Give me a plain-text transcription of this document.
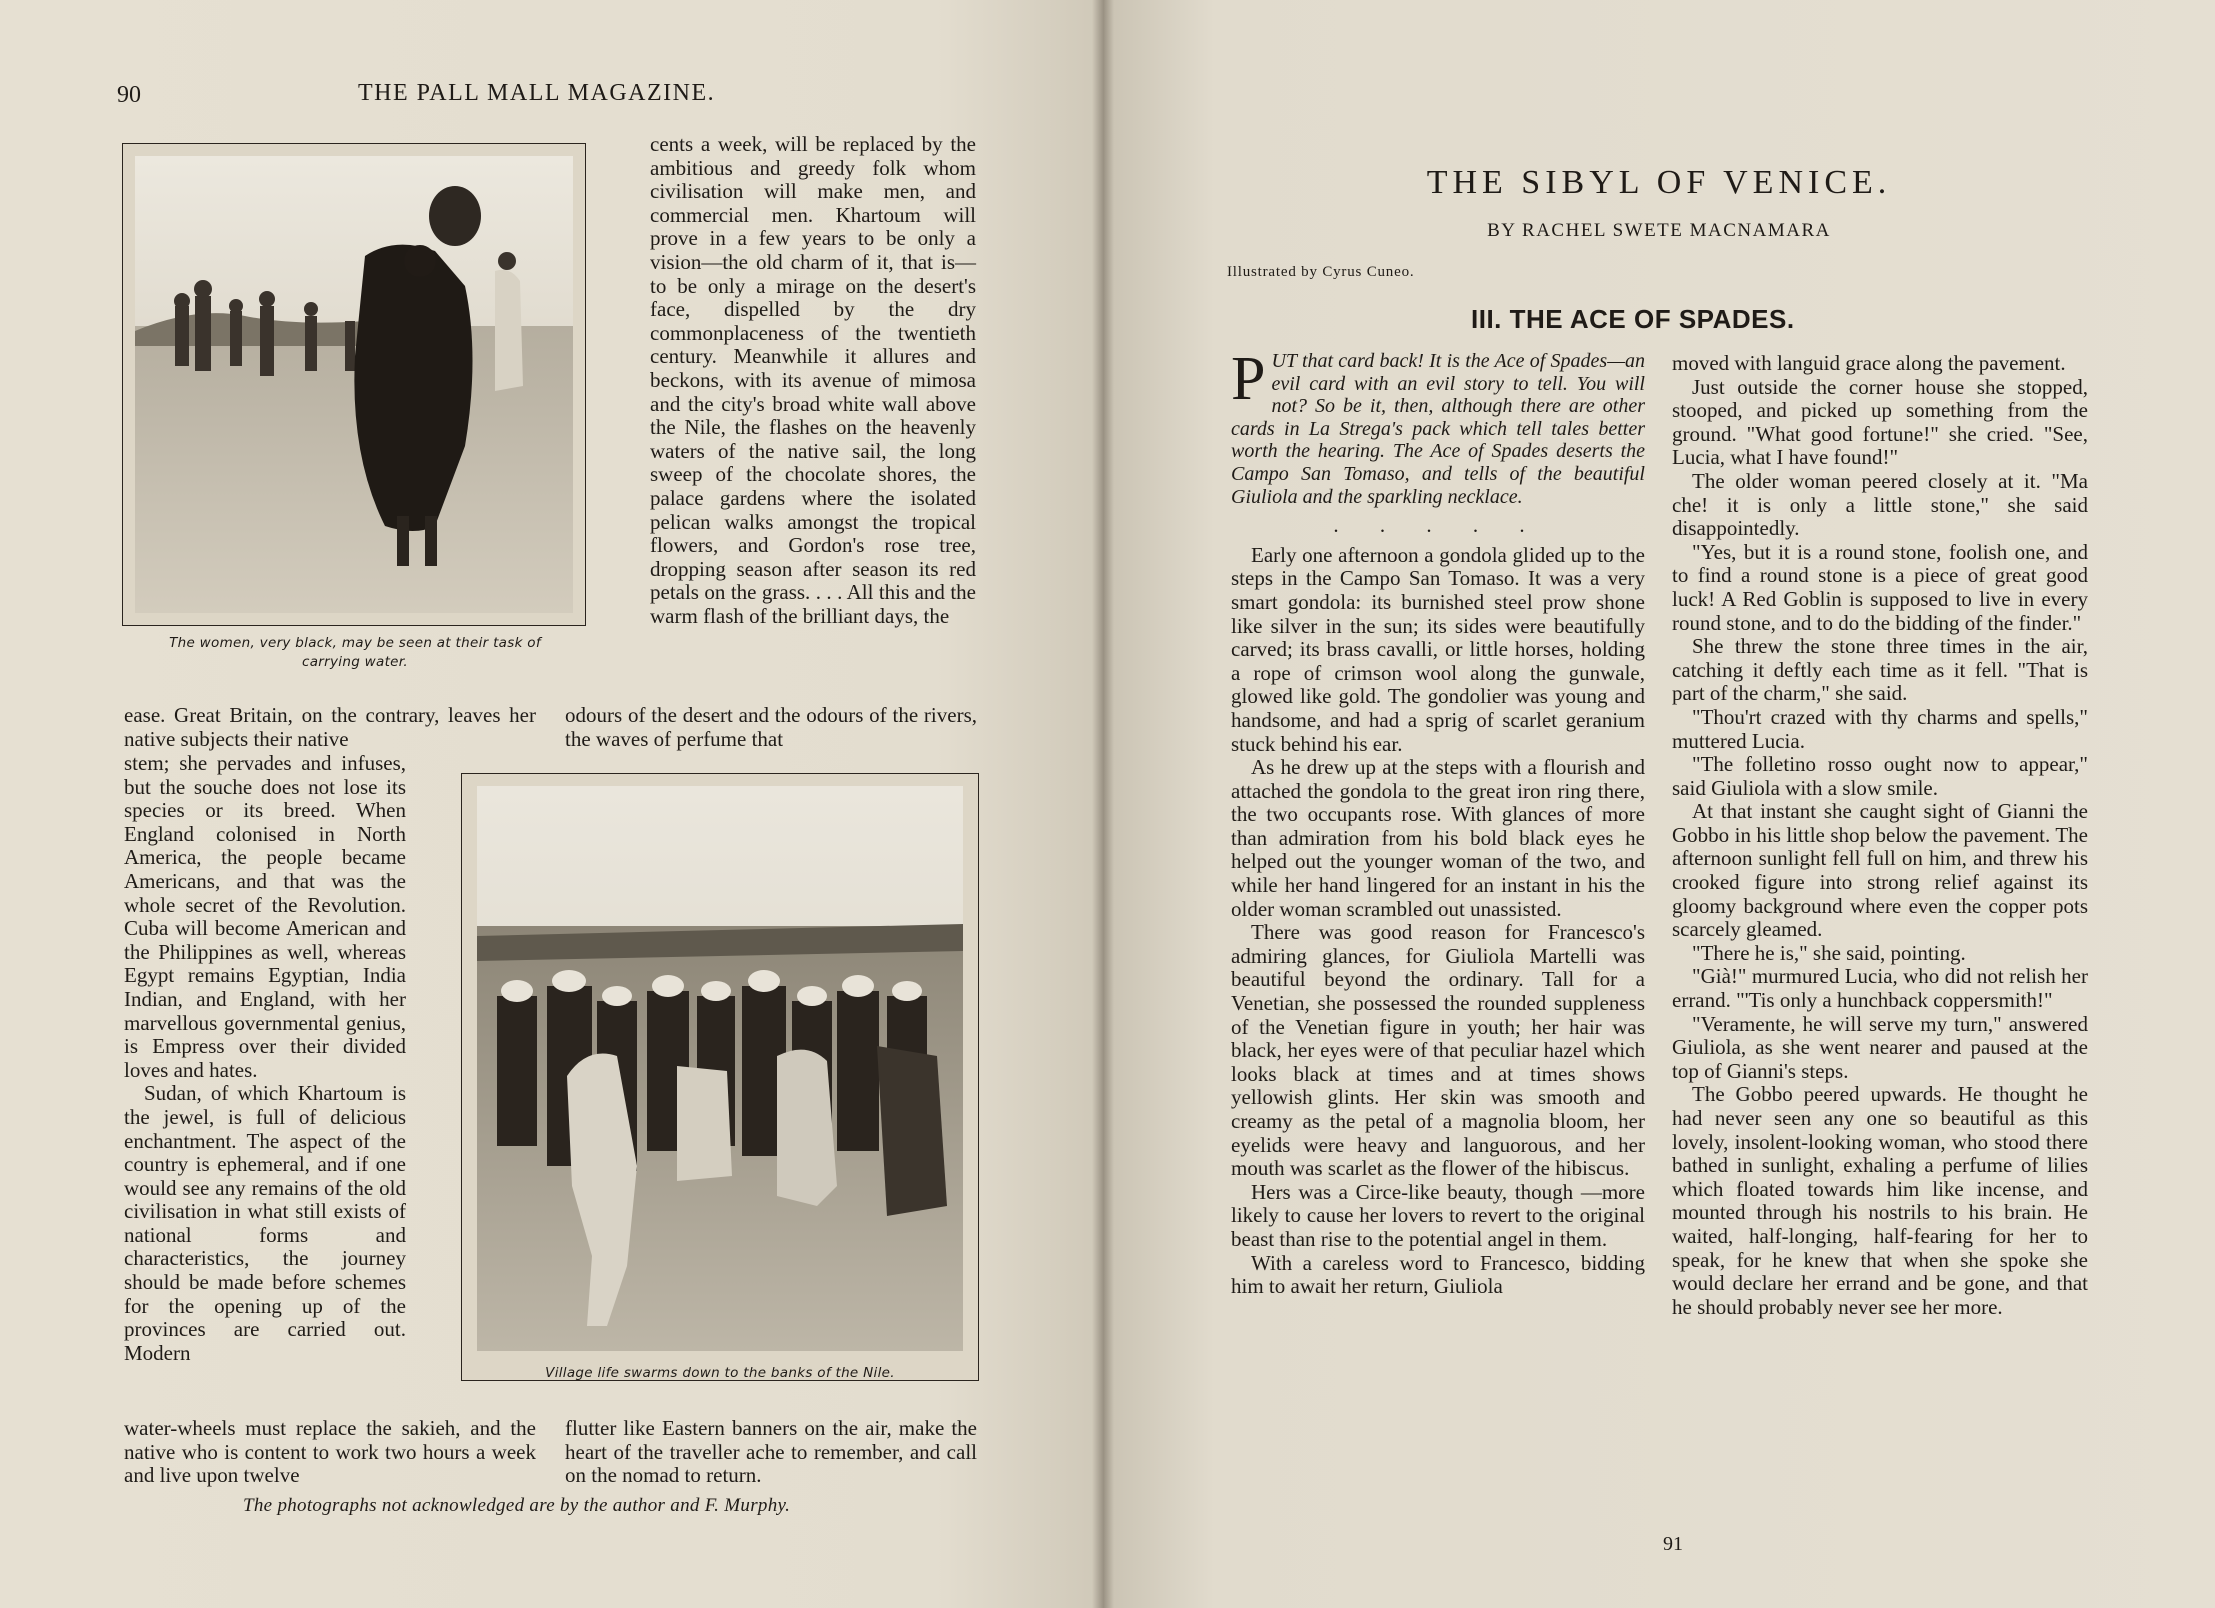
90	THE PALL MALL MAGAZINE.
The women, very black, may be seen at their task of carrying water.

cents a week, will be replaced by the ambitious and greedy folk whom civilisation will make men, and commercial men. Khartoum will prove in a few years to be only a vision—the old charm of it, that is—to be only a mirage on the desert's face, dispelled by the dry commonplaceness of the twentieth century. Meanwhile it allures and beckons, with its avenue of mimosa and the city's broad white wall above the Nile, the flashes on the heavenly waters of the native sail, the long sweep of the chocolate shores, the palace gardens where the isolated pelican walks amongst the tropical flowers, and Gordon's rose tree, dropping season after season its red petals on the grass. . . . All this and the warm flash of the brilliant days, the

ease. Great Britain, on the contrary, leaves her native subjects their native

odours of the desert and the odours of the rivers, the waves of perfume that

stem; she pervades and infuses, but the souche does not lose its species or its breed. When England colonised in North America, the people became Americans, and that was the whole secret of the Revolution. Cuba will become American and the Philippines as well, whereas Egypt remains Egyptian, India Indian, and England, with her marvellous governmental genius, is Empress over their divided loves and hates.

Sudan, of which Khartoum is the jewel, is full of delicious enchantment. The aspect of the country is ephemeral, and if one would see any remains of the old civilisation in what still exists of national forms and characteristics, the journey should be made before schemes for the opening up of the provinces are carried out. Modern

Village life swarms down to the banks of the Nile.

water-wheels must replace the sakieh, and the native who is content to work two hours a week and live upon twelve

flutter like Eastern banners on the air, make the heart of the traveller ache to remember, and call on the nomad to return.

The photographs not acknowledged are by the author and F. Murphy.
THE SIBYL OF VENICE.
BY RACHEL SWETE MACNAMARA
Illustrated by Cyrus Cuneo.
III. THE ACE OF SPADES.
P UT that card back! It is the Ace of Spades—an evil card with an evil story to tell. You will not? So be it, then, although there are other cards in La Strega's pack which tell tales better worth the hearing. The Ace of Spades deserts the Campo San Tomaso, and tells of the beautiful Giuliola and the sparkling necklace.

. . . . .

Early one afternoon a gondola glided up to the steps in the Campo San Tomaso. It was a very smart gondola: its burnished steel prow shone like silver in the sun; its sides were beautifully carved; its brass cavalli, or little horses, holding a rope of crimson wool along the gunwale, glowed like gold. The gondolier was young and handsome, and had a sprig of scarlet geranium stuck behind his ear.

As he drew up at the steps with a flourish and attached the gondola to the great iron ring there, the two occupants rose. With glances of more than admiration from his bold black eyes he helped out the younger woman of the two, and while her hand lingered for an instant in his the older woman scrambled out unassisted.

There was good reason for Francesco's admiring glances, for Giuliola Martelli was beautiful beyond the ordinary. Tall for a Venetian, she possessed the rounded suppleness of the Venetian figure in youth; her hair was black, her eyes were of that peculiar hazel which looks black at times and at times shows yellowish glints. Her skin was smooth and creamy as the petal of a magnolia bloom, her eyelids were heavy and languorous, and her mouth was scarlet as the flower of the hibiscus.

Hers was a Circe-like beauty, though —more likely to cause her lovers to revert to the original beast than rise to the potential angel in them.

With a careless word to Francesco, bidding him to await her return, Giuliola

moved with languid grace along the pavement.

Just outside the corner house she stopped, stooped, and picked up something from the ground. "What good fortune!" she cried. "See, Lucia, what I have found!"

The older woman peered closely at it. "Ma che! it is only a little stone," she said disappointedly.

"Yes, but it is a round stone, foolish one, and to find a round stone is a piece of great good luck! A Red Goblin is supposed to live in every round stone, and to do the bidding of the finder."

She threw the stone three times in the air, catching it deftly each time as it fell. "That is part of the charm," she said.

"Thou'rt crazed with thy charms and spells," muttered Lucia.

"The folletino rosso ought now to appear," said Giuliola with a slow smile.

At that instant she caught sight of Gianni the Gobbo in his little shop below the pavement. The afternoon sunlight fell full on him, and threw his crooked figure into strong relief against its gloomy background where even the copper pots scarcely gleamed.

"There he is," she said, pointing.

"Già!" murmured Lucia, who did not relish her errand. "'Tis only a hunchback coppersmith!"

"Veramente, he will serve my turn," answered Giuliola, as she went nearer and paused at the top of Gianni's steps.

The Gobbo peered upwards. He thought he had never seen any one so beautiful as this lovely, insolent-looking woman, who stood there bathed in sunlight, exhaling a perfume of lilies which floated towards him like incense, and mounted through his nostrils to his brain. He waited, half-longing, half-fearing for her to speak, for he knew that when she spoke she would declare her errand and be gone, and that he should probably never see her more.

91
